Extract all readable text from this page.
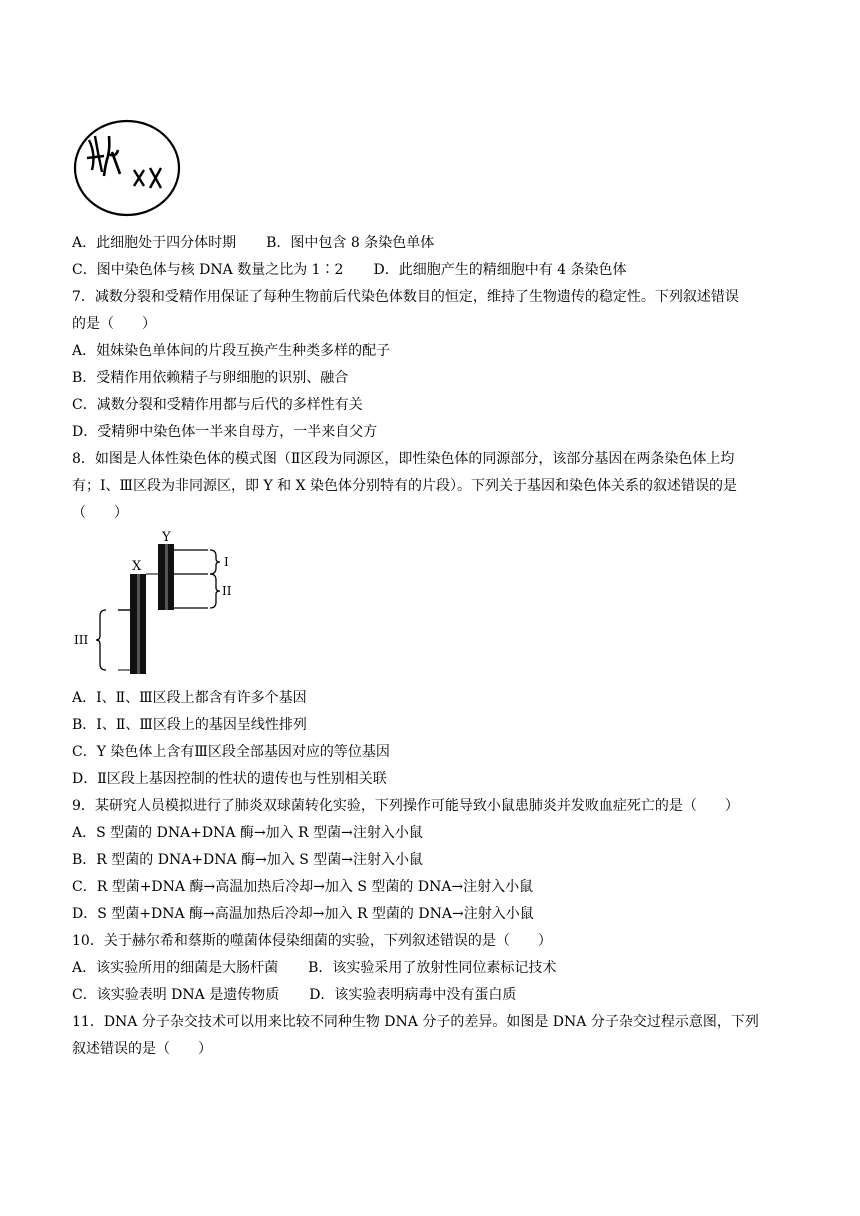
A．此细胞处于四分体时期 B．图中包含 8 条染色单体
C．图中染色体与核 DNA 数量之比为 1∶2 D．此细胞产生的精细胞中有 4 条染色体
7．减数分裂和受精作用保证了每种生物前后代染色体数目的恒定，维持了生物遗传的稳定性。下列叙述错误
的是（　　）
A．姐妹染色单体间的片段互换产生种类多样的配子
B．受精作用依赖精子与卵细胞的识别、融合
C．减数分裂和受精作用都与后代的多样性有关
D．受精卵中染色体一半来自母方，一半来自父方
8．如图是人体性染色体的模式图（Ⅱ区段为同源区，即性染色体的同源部分，该部分基因在两条染色体上均
有；Ⅰ、Ⅲ区段为非同源区，即 Y 和 X 染色体分别特有的片段）。下列关于基因和染色体关系的叙述错误的是
（　　）
X
Y
I
II
III
A．Ⅰ、Ⅱ、Ⅲ区段上都含有许多个基因
B．Ⅰ、Ⅱ、Ⅲ区段上的基因呈线性排列
C．Y 染色体上含有Ⅲ区段全部基因对应的等位基因
D．Ⅱ区段上基因控制的性状的遗传也与性别相关联
9．某研究人员模拟进行了肺炎双球菌转化实验，下列操作可能导致小鼠患肺炎并发败血症死亡的是（　　）
A．S 型菌的 DNA+DNA 酶→加入 R 型菌→注射入小鼠
B．R 型菌的 DNA+DNA 酶→加入 S 型菌→注射入小鼠
C．R 型菌+DNA 酶→高温加热后冷却→加入 S 型菌的 DNA→注射入小鼠
D．S 型菌+DNA 酶→高温加热后冷却→加入 R 型菌的 DNA→注射入小鼠
10．关于赫尔希和蔡斯的噬菌体侵染细菌的实验，下列叙述错误的是（　　）
A．该实验所用的细菌是大肠杆菌 B．该实验采用了放射性同位素标记技术
C．该实验表明 DNA 是遗传物质 D．该实验表明病毒中没有蛋白质
11．DNA 分子杂交技术可以用来比较不同种生物 DNA 分子的差异。如图是 DNA 分子杂交过程示意图，下列
叙述错误的是（　　）
